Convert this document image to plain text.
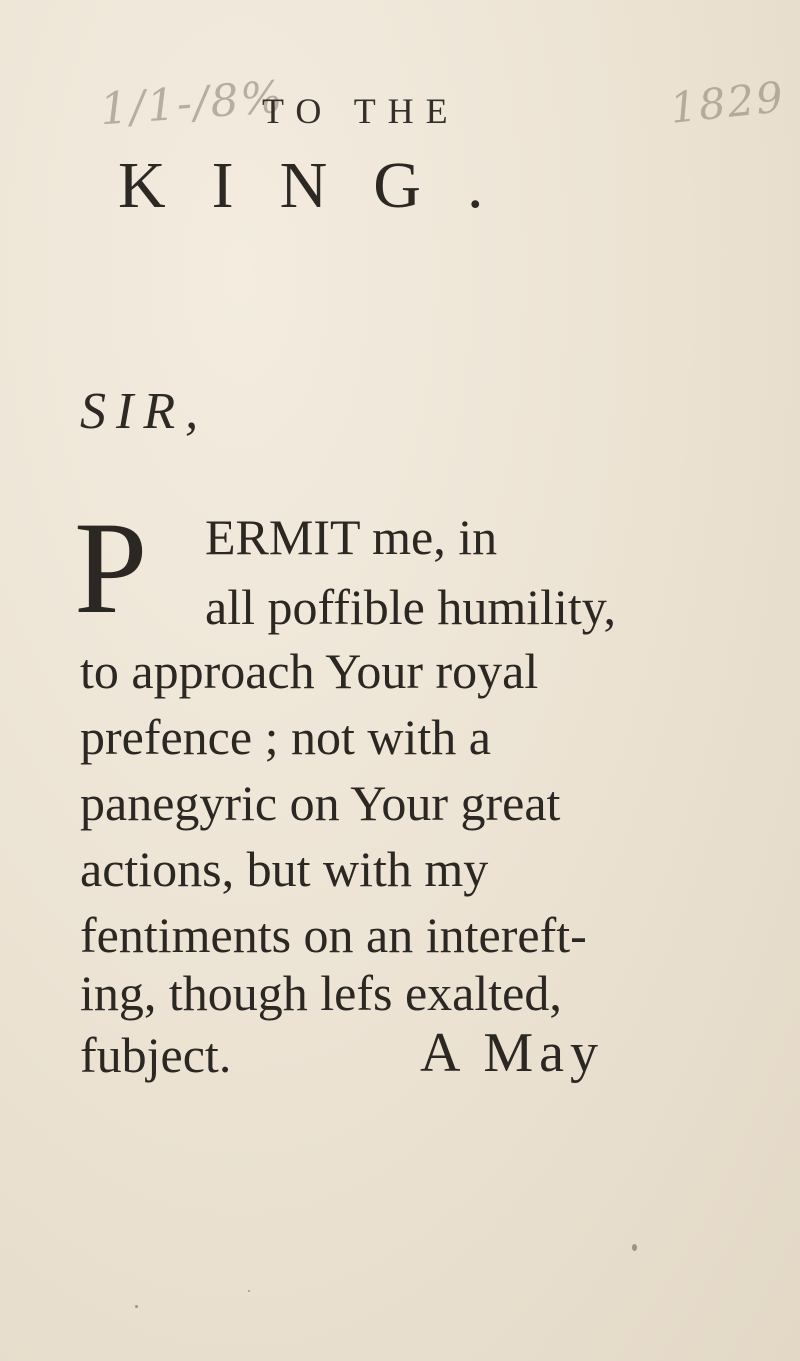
1/1-/8%	1829
TO THE
KING.
SIR,
P ERMIT me, in
all poffible humility,
to approach Your royal
prefence ; not with a
panegyric on Your great
actions, but with my
fentiments on an intereft-
ing, though lefs exalted,
fubject.	A May
